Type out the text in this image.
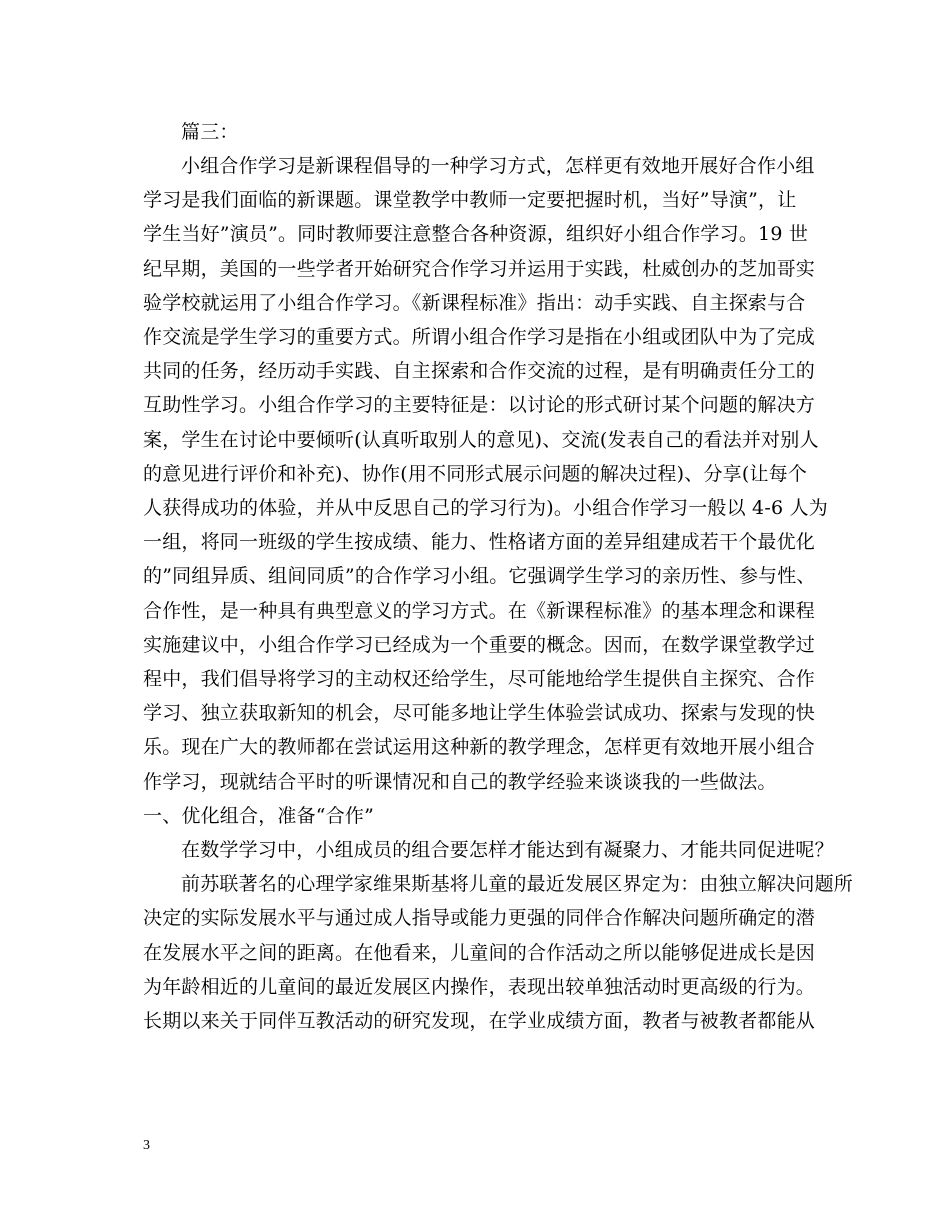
篇三：
小组合作学习是新课程倡导的一种学习方式，怎样更有效地开展好合作小组
学习是我们面临的新课题。课堂教学中教师一定要把握时机，当好”导演”，让
学生当好”演员”。同时教师要注意整合各种资源，组织好小组合作学习。19 世
纪早期，美国的一些学者开始研究合作学习并运用于实践，杜威创办的芝加哥实
验学校就运用了小组合作学习。《新课程标准》指出：动手实践、自主探索与合
作交流是学生学习的重要方式。所谓小组合作学习是指在小组或团队中为了完成
共同的任务，经历动手实践、自主探索和合作交流的过程，是有明确责任分工的
互助性学习。小组合作学习的主要特征是：以讨论的形式研讨某个问题的解决方
案，学生在讨论中要倾听(认真听取别人的意见)、交流(发表自己的看法并对别人
的意见进行评价和补充)、协作(用不同形式展示问题的解决过程)、分享(让每个
人获得成功的体验，并从中反思自己的学习行为)。小组合作学习一般以 4-6 人为
一组，将同一班级的学生按成绩、能力、性格诸方面的差异组建成若干个最优化
的”同组异质、组间同质”的合作学习小组。它强调学生学习的亲历性、参与性、
合作性，是一种具有典型意义的学习方式。在《新课程标准》的基本理念和课程
实施建议中，小组合作学习已经成为一个重要的概念。因而，在数学课堂教学过
程中，我们倡导将学习的主动权还给学生，尽可能地给学生提供自主探究、合作
学习、独立获取新知的机会，尽可能多地让学生体验尝试成功、探索与发现的快
乐。现在广大的教师都在尝试运用这种新的教学理念，怎样更有效地开展小组合
作学习，现就结合平时的听课情况和自己的教学经验来谈谈我的一些做法。
一、优化组合，准备“合作”
在数学学习中，小组成员的组合要怎样才能达到有凝聚力、才能共同促进呢？
前苏联著名的心理学家维果斯基将儿童的最近发展区界定为：由独立解决问题所
决定的实际发展水平与通过成人指导或能力更强的同伴合作解决问题所确定的潜
在发展水平之间的距离。在他看来，儿童间的合作活动之所以能够促进成长是因
为年龄相近的儿童间的最近发展区内操作，表现出较单独活动时更高级的行为。
长期以来关于同伴互教活动的研究发现，在学业成绩方面，教者与被教者都能从
3
